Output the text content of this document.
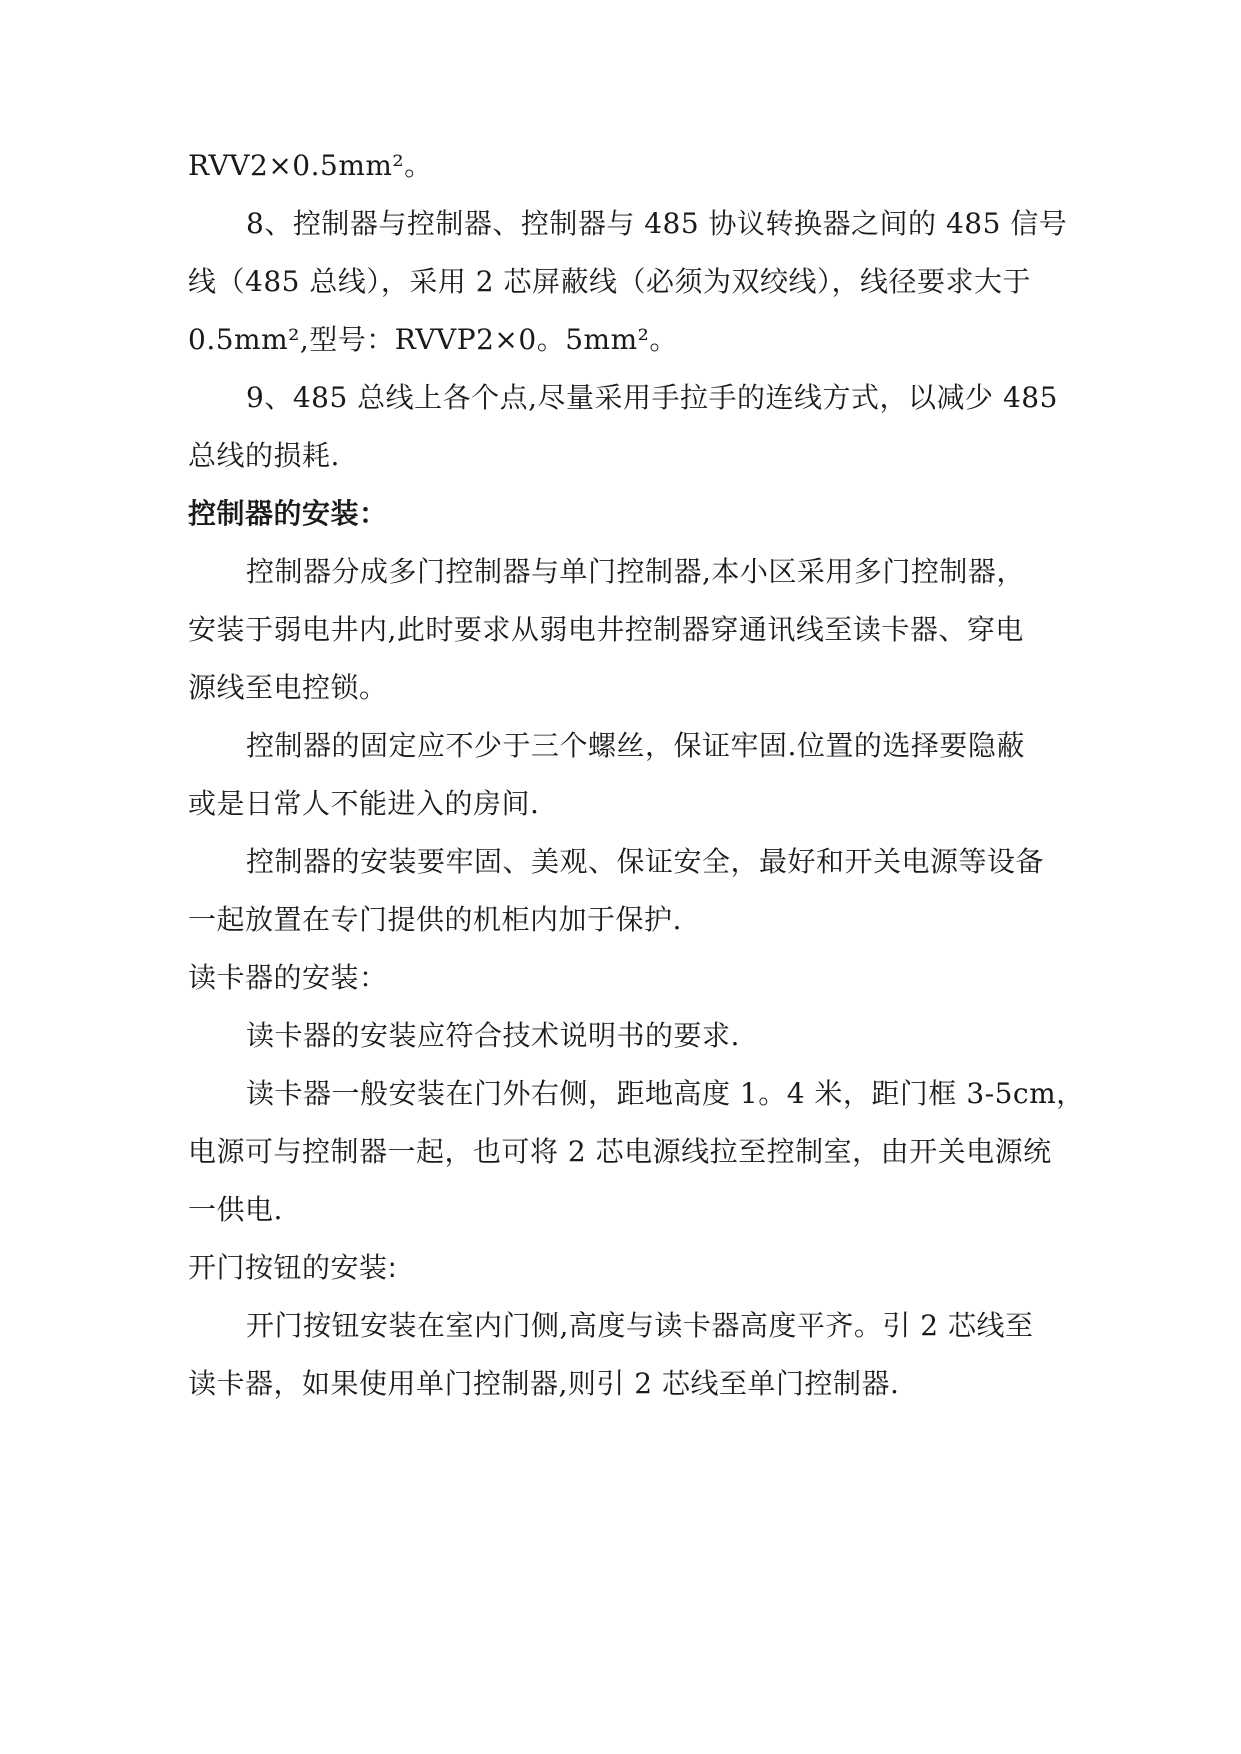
RVV2×0.5mm²。
8、控制器与控制器、控制器与 485 协议转换器之间的 485 信号
线（485 总线），采用 2 芯屏蔽线（必须为双绞线），线径要求大于
0.5mm²,型号：RVVP2×0。5mm²。
9、485 总线上各个点,尽量采用手拉手的连线方式，以减少 485
总线的损耗.
控制器的安装：
控制器分成多门控制器与单门控制器,本小区采用多门控制器，
安装于弱电井内,此时要求从弱电井控制器穿通讯线至读卡器、穿电
源线至电控锁。
控制器的固定应不少于三个螺丝，保证牢固.位置的选择要隐蔽
或是日常人不能进入的房间.
控制器的安装要牢固、美观、保证安全，最好和开关电源等设备
一起放置在专门提供的机柜内加于保护.
读卡器的安装：
读卡器的安装应符合技术说明书的要求.
读卡器一般安装在门外右侧，距地高度 1。4 米，距门框 3-5cm，
电源可与控制器一起，也可将 2 芯电源线拉至控制室，由开关电源统
一供电.
开门按钮的安装:
开门按钮安装在室内门侧,高度与读卡器高度平齐。引 2 芯线至
读卡器，如果使用单门控制器,则引 2 芯线至单门控制器.
